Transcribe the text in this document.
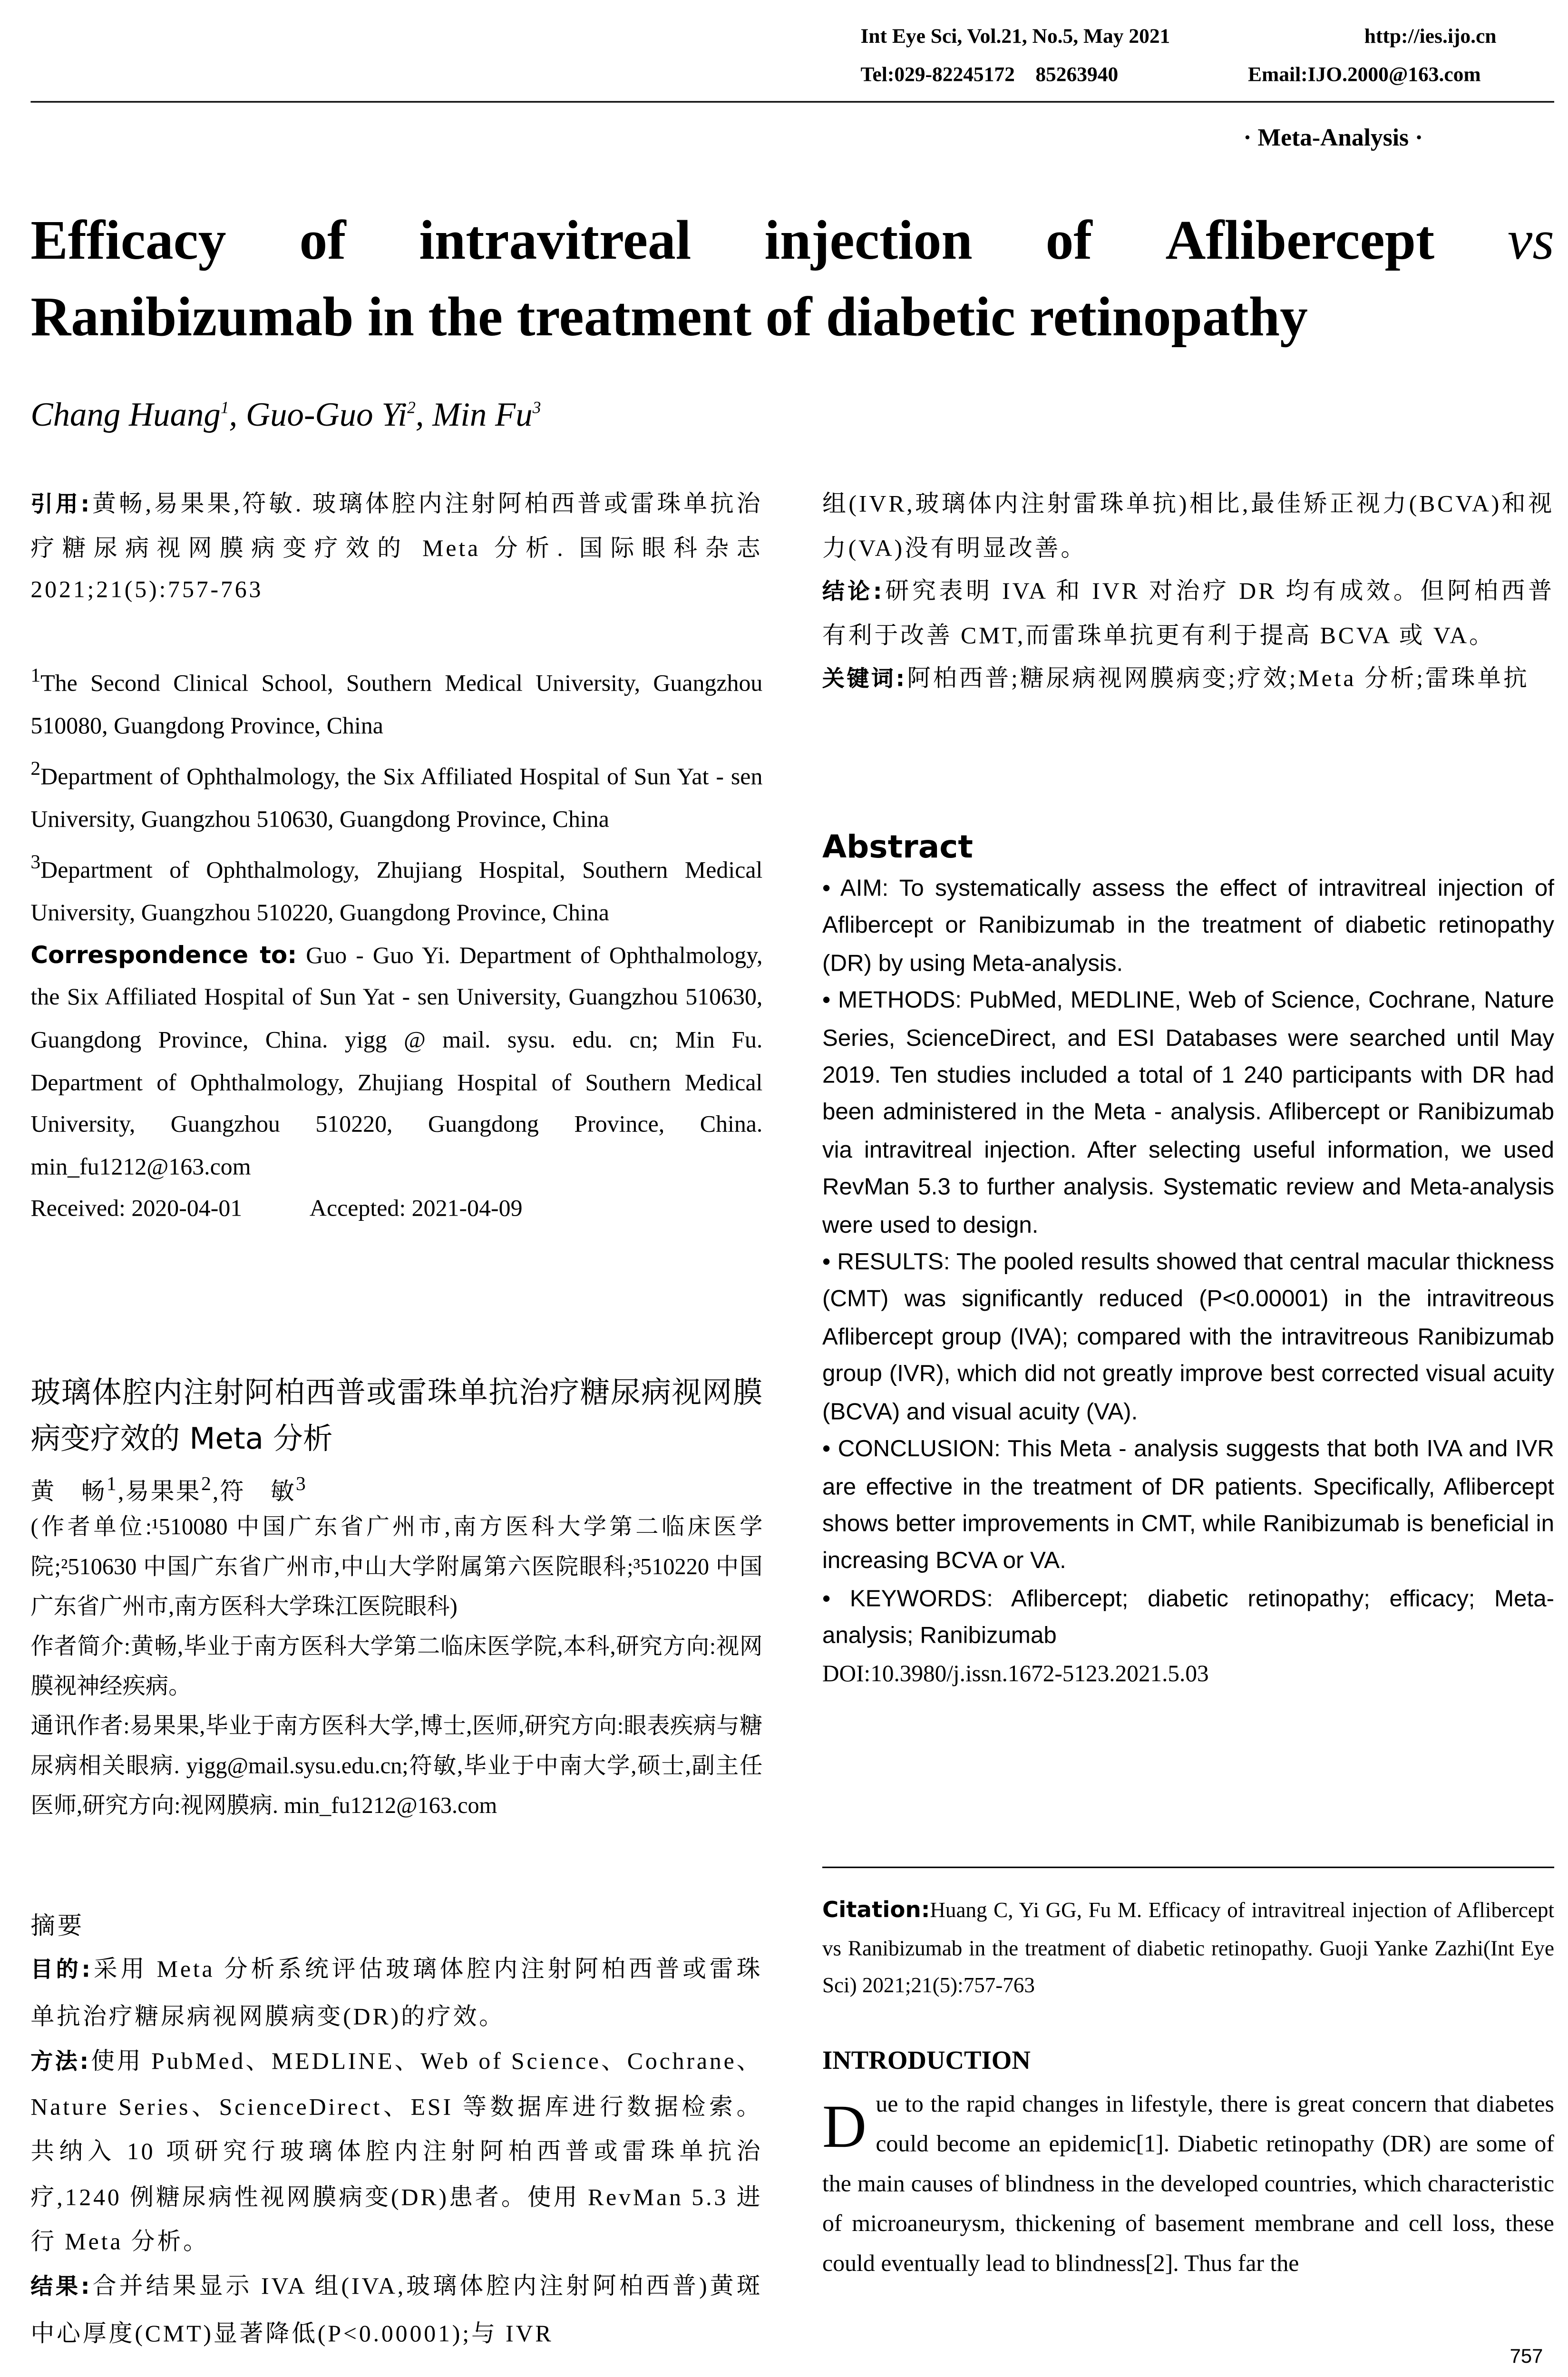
Int Eye Sci, Vol.21, No.5, May 2021	http://ies.ijo.cn
Tel:029-82245172    85263940	Email:IJO.2000@163.com
· Meta-Analysis ·
Efficacy	of	intravitreal	injection	of	Aflibercept	vs
Ranibizumab in the treatment of diabetic retinopathy
Chang Huang$^1$, Guo-Guo Yi$^2$, Min Fu$^3$

引用:黄畅,易果果,符敏. 玻璃体腔内注射阿柏西普或雷珠单抗治疗糖尿病视网膜病变疗效的 Meta 分析. 国际眼科杂志 2021;21(5):757-763

$^1$The Second Clinical School, Southern Medical University, Guangzhou 510080, Guangdong Province, China

$^2$Department of Ophthalmology, the Six Affiliated Hospital of Sun Yat - sen University, Guangzhou 510630, Guangdong Province, China

$^3$Department of Ophthalmology, Zhujiang Hospital, Southern Medical University, Guangzhou 510220, Guangdong Province, China

Correspondence to: Guo - Guo Yi. Department of Ophthalmology, the Six Affiliated Hospital of Sun Yat - sen University, Guangzhou 510630, Guangdong Province, China. yigg @ mail. sysu. edu. cn; Min Fu. Department of Ophthalmology, Zhujiang Hospital of Southern Medical University, Guangzhou 510220, Guangdong Province, China. min_fu1212@163.com

Received: 2020-04-01	Accepted: 2021-04-09

玻璃体腔内注射阿柏西普或雷珠单抗治疗糖尿病视网膜病变疗效的 Meta 分析
黄　畅$^1$,易果果$^2$,符　敏$^3$

(作者单位:¹510080 中国广东省广州市,南方医科大学第二临床医学院;²510630 中国广东省广州市,中山大学附属第六医院眼科;³510220 中国广东省广州市,南方医科大学珠江医院眼科)

作者简介:黄畅,毕业于南方医科大学第二临床医学院,本科,研究方向:视网膜视神经疾病。

通讯作者:易果果,毕业于南方医科大学,博士,医师,研究方向:眼表疾病与糖尿病相关眼病. yigg@mail.sysu.edu.cn;符敏,毕业于中南大学,硕士,副主任医师,研究方向:视网膜病. min_fu1212@163.com

摘要

目的:采用 Meta 分析系统评估玻璃体腔内注射阿柏西普或雷珠单抗治疗糖尿病视网膜病变(DR)的疗效。

方法:使用 PubMed、MEDLINE、Web of Science、Cochrane、Nature Series、ScienceDirect、ESI 等数据库进行数据检索。共纳入 10 项研究行玻璃体腔内注射阿柏西普或雷珠单抗治疗,1240 例糖尿病性视网膜病变(DR)患者。使用 RevMan 5.3 进行 Meta 分析。

结果:合并结果显示 IVA 组(IVA,玻璃体腔内注射阿柏西普)黄斑中心厚度(CMT)显著降低(P<0.00001);与 IVR

组(IVR,玻璃体内注射雷珠单抗)相比,最佳矫正视力(BCVA)和视力(VA)没有明显改善。

结论:研究表明 IVA 和 IVR 对治疗 DR 均有成效。但阿柏西普有利于改善 CMT,而雷珠单抗更有利于提高 BCVA 或 VA。

关键词:阿柏西普;糖尿病视网膜病变;疗效;Meta 分析;雷珠单抗

Abstract

• AIM: To systematically assess the effect of intravitreal injection of Aflibercept or Ranibizumab in the treatment of diabetic retinopathy (DR) by using Meta-analysis.

• METHODS: PubMed, MEDLINE, Web of Science, Cochrane, Nature Series, ScienceDirect, and ESI Databases were searched until May 2019. Ten studies included a total of 1 240 participants with DR had been administered in the Meta - analysis. Aflibercept or Ranibizumab via intravitreal injection. After selecting useful information, we used RevMan 5.3 to further analysis. Systematic review and Meta-analysis were used to design.

• RESULTS: The pooled results showed that central macular thickness (CMT) was significantly reduced (P<0.00001) in the intravitreous Aflibercept group (IVA); compared with the intravitreous Ranibizumab group (IVR), which did not greatly improve best corrected visual acuity (BCVA) and visual acuity (VA).

• CONCLUSION: This Meta - analysis suggests that both IVA and IVR are effective in the treatment of DR patients. Specifically, Aflibercept shows better improvements in CMT, while Ranibizumab is beneficial in increasing BCVA or VA.

• KEYWORDS: Aflibercept; diabetic retinopathy; efficacy; Meta-analysis; Ranibizumab

DOI:10.3980/j.issn.1672-5123.2021.5.03

Citation:Huang C, Yi GG, Fu M. Efficacy of intravitreal injection of Aflibercept vs Ranibizumab in the treatment of diabetic retinopathy. Guoji Yanke Zazhi(Int Eye Sci) 2021;21(5):757-763
INTRODUCTION
D ue to the rapid changes in lifestyle, there is great concern that diabetes could become an epidemic[1]. Diabetic retinopathy (DR) are some of the main causes of blindness in the developed countries, which characteristic of microaneurysm, thickening of basement membrane and cell loss, these could eventually lead to blindness[2]. Thus far the
757
